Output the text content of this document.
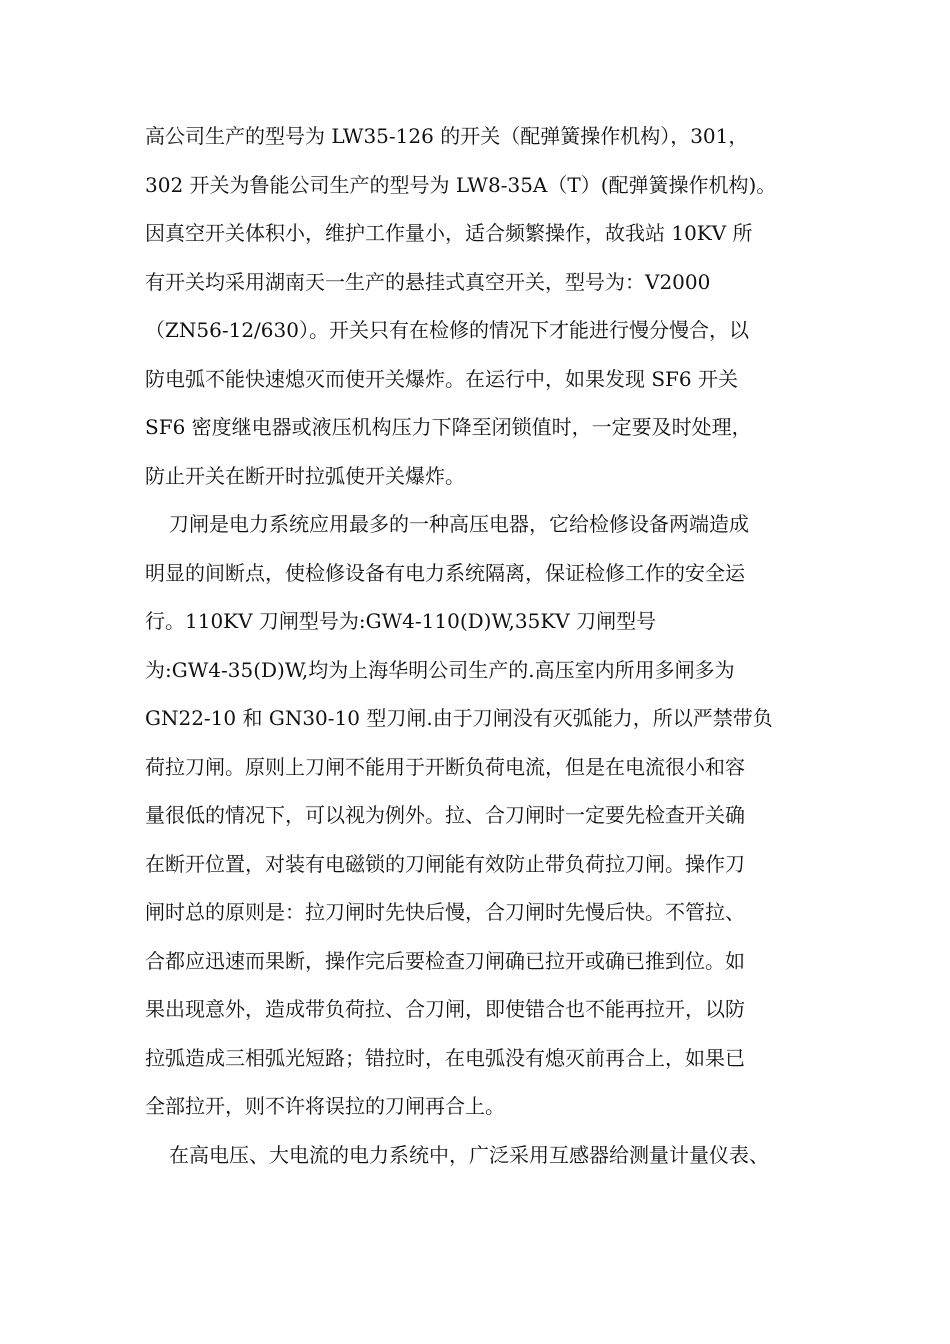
高公司生产的型号为 LW35-126 的开关（配弹簧操作机构），301，
302 开关为鲁能公司生产的型号为 LW8-35A（T）(配弹簧操作机构)。
因真空开关体积小，维护工作量小，适合频繁操作，故我站 10KV 所
有开关均采用湖南天一生产的悬挂式真空开关，型号为：V2000
（ZN56-12/630）。开关只有在检修的情况下才能进行慢分慢合，以
防电弧不能快速熄灭而使开关爆炸。在运行中，如果发现 SF6 开关
SF6 密度继电器或液压机构压力下降至闭锁值时，一定要及时处理，
防止开关在断开时拉弧使开关爆炸。
刀闸是电力系统应用最多的一种高压电器，它给检修设备两端造成
明显的间断点，使检修设备有电力系统隔离，保证检修工作的安全运
行。110KV 刀闸型号为:GW4-110(D)W,35KV 刀闸型号
为:GW4-35(D)W,均为上海华明公司生产的.高压室内所用多闸多为
GN22-10 和 GN30-10 型刀闸.由于刀闸没有灭弧能力，所以严禁带负
荷拉刀闸。原则上刀闸不能用于开断负荷电流，但是在电流很小和容
量很低的情况下，可以视为例外。拉、合刀闸时一定要先检查开关确
在断开位置，对装有电磁锁的刀闸能有效防止带负荷拉刀闸。操作刀
闸时总的原则是：拉刀闸时先快后慢，合刀闸时先慢后快。不管拉、
合都应迅速而果断，操作完后要检查刀闸确已拉开或确已推到位。如
果出现意外，造成带负荷拉、合刀闸，即使错合也不能再拉开，以防
拉弧造成三相弧光短路；错拉时，在电弧没有熄灭前再合上，如果已
全部拉开，则不许将误拉的刀闸再合上。
在高电压、大电流的电力系统中，广泛采用互感器给测量计量仪表、
